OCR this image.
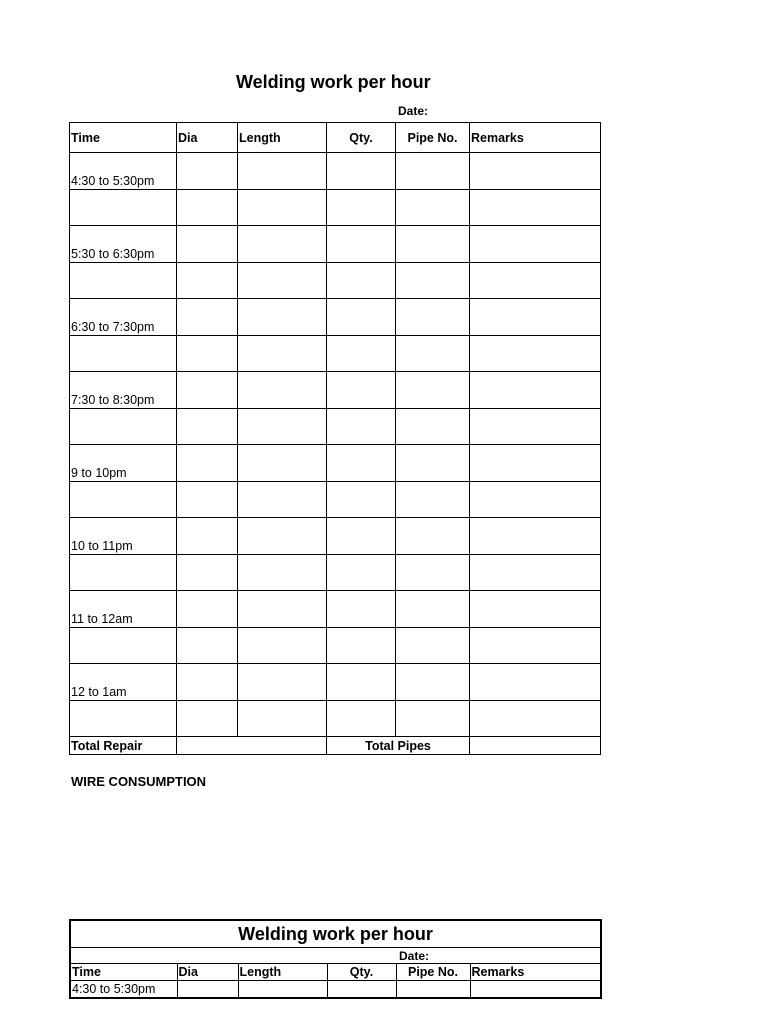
Welding work per hour
Date:
Time	Dia	Length	Qty.	Pipe No.	Remarks
4:30 to 5:30pm					

5:30 to 6:30pm					

6:30 to 7:30pm					

7:30 to 8:30pm					

9 to 10pm					

10 to 11pm					

11 to 12am					

12 to 1am					

Total Repair			Total Pipes		
WIRE CONSUMPTION
Welding work per hour					
Date:					
Time	Dia	Length	Qty.	Pipe No.	Remarks
4:30 to 5:30pm					
